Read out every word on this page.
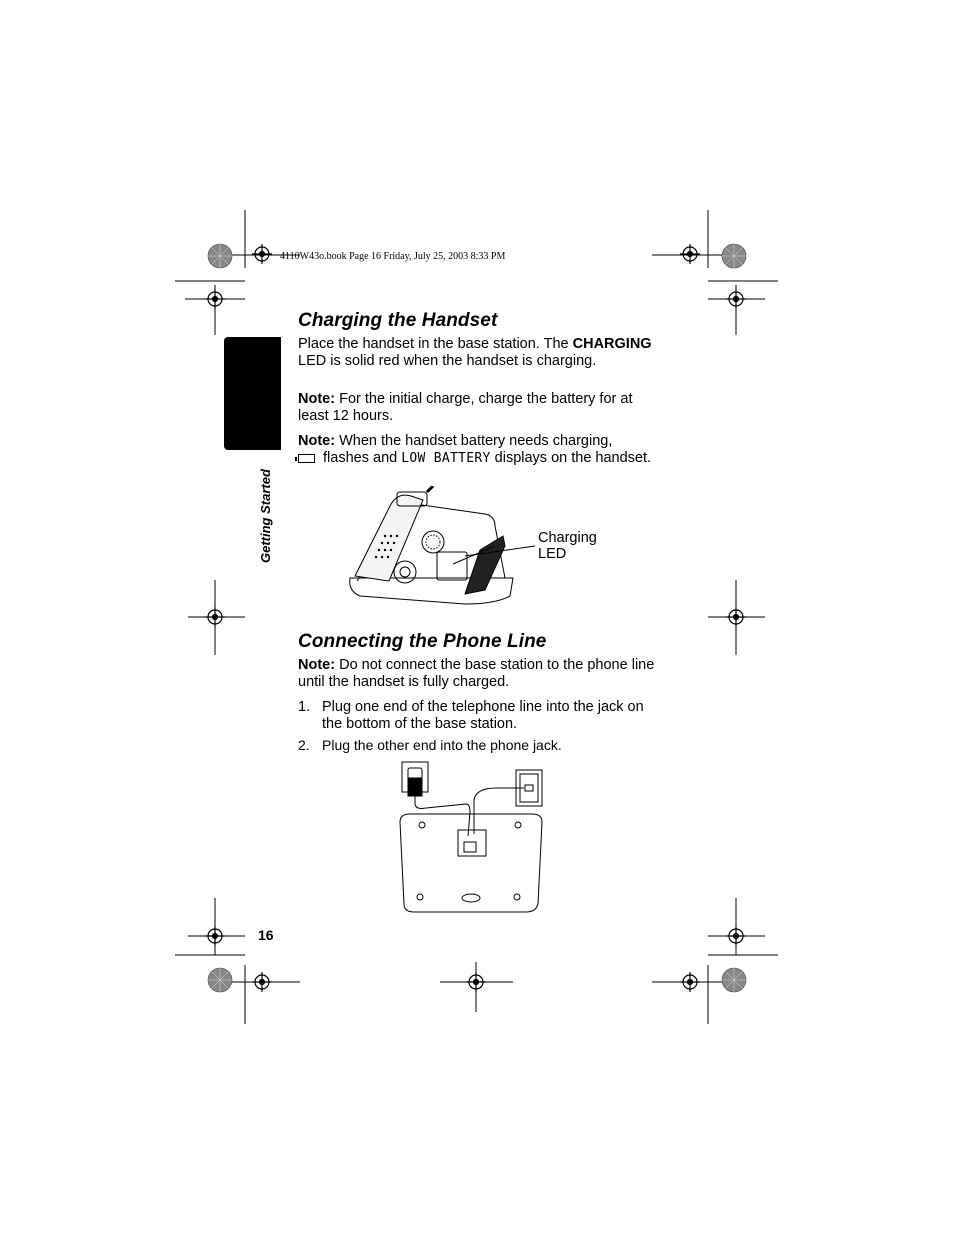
4110W43o.book Page 16 Friday, July 25, 2003 8:33 PM
Getting Started
Charging the Handset

Place the handset in the base station. The CHARGING LED is solid red when the handset is charging.

Note: For the initial charge, charge the battery for at least 12 hours.

Note: When the handset battery needs charging,
flashes and LOW BATTERY displays on the handset.

Charging
LED
Connecting the Phone Line

Note: Do not connect the base station to the phone line until the handset is fully charged.

1. Plug one end of the telephone line into the jack on the bottom of the base station.
2. Plug the other end into the phone jack.
16
